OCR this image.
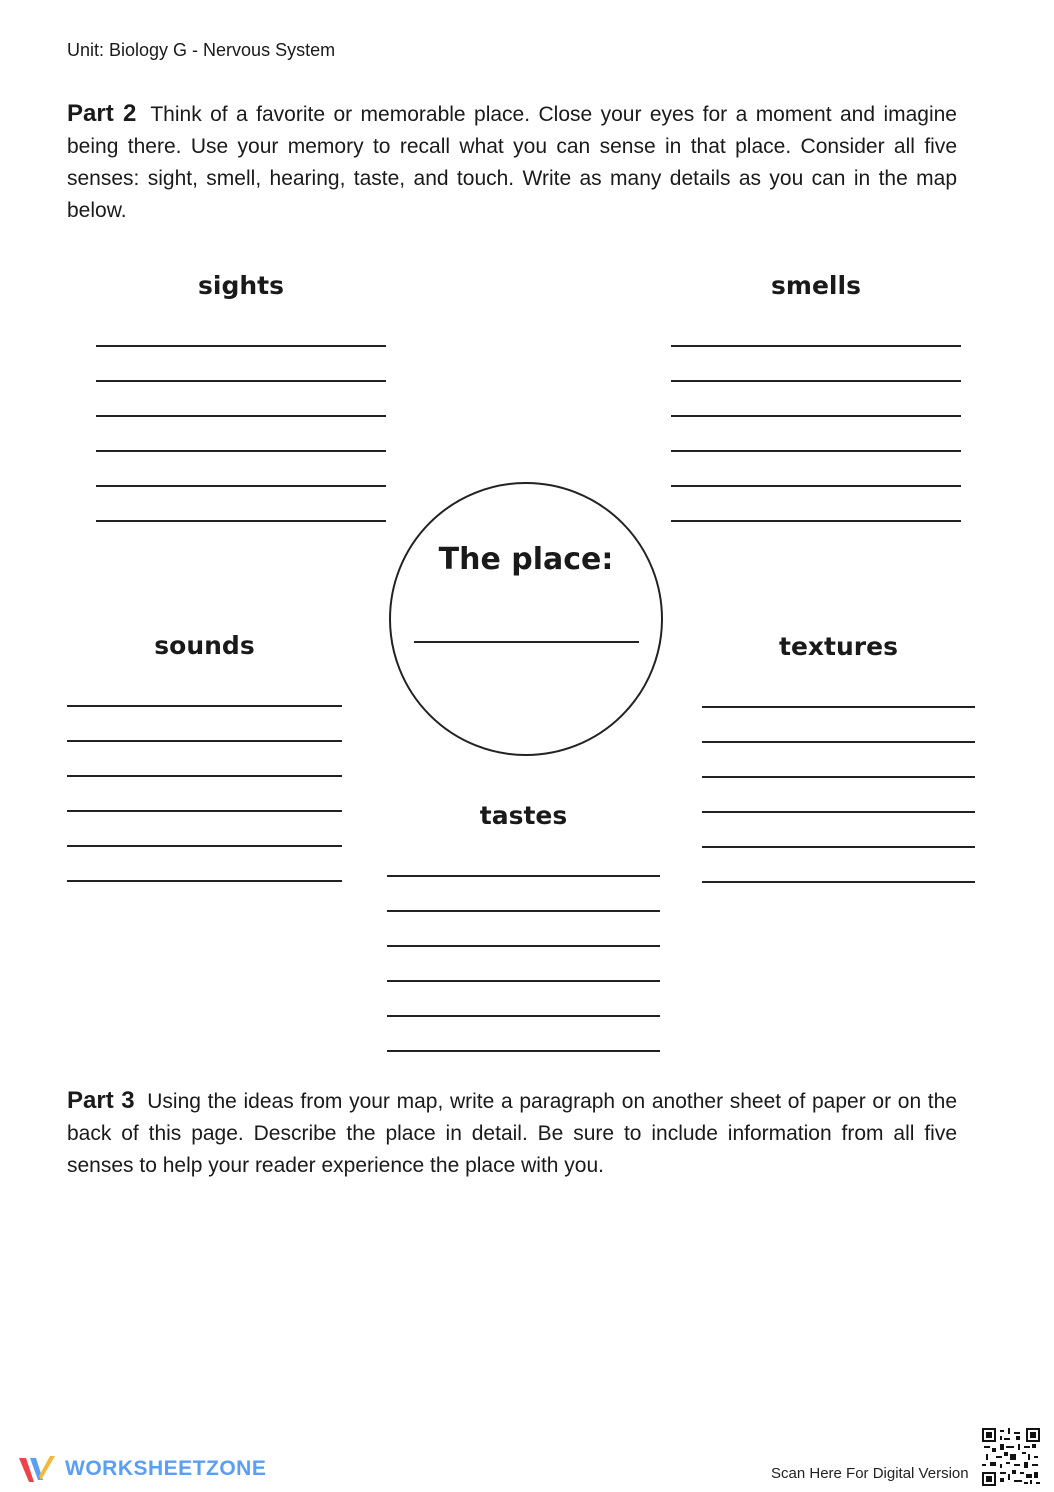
Unit: Biology G - Nervous System
Part 2 Think of a favorite or memorable place. Close your eyes for a moment and imagine being there. Use your memory to recall what you can sense in that place. Consider all five senses: sight, smell, hearing, taste, and touch. Write as many details as you can in the map below.
sights	smells
The place:
sounds	textures
tastes
Part 3 Using the ideas from your map, write a paragraph on another sheet of paper or on the back of this page. Describe the place in detail. Be sure to include information from all five senses to help your reader experience the place with you.
WORKSHEETZONE	Scan Here For Digital Version
